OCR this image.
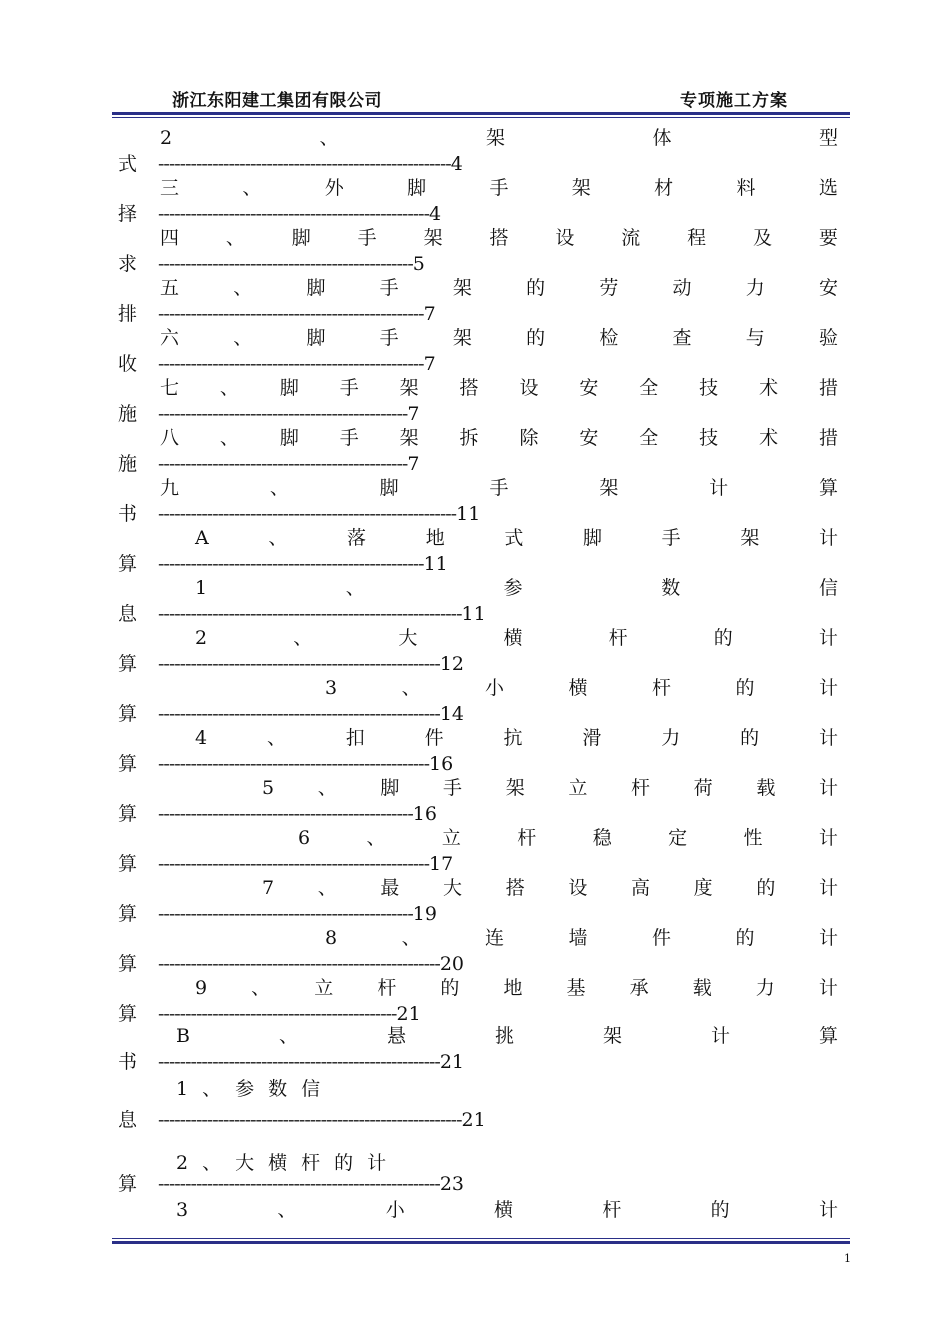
浙江东阳建工集团有限公司	专项施工方案
2	、	架	体	型
式	------------------------------------------------------ 4
三	、	外	脚	手	架	材	料	选
择	-------------------------------------------------- 4
四 、 脚 手 架 搭 设 流 程 及 要
求	----------------------------------------------- 5
五	、	脚	手	架	的	劳	动	力	安
排	------------------------------------------------- 7
六	、	脚	手	架	的	检	查	与	验
收	------------------------------------------------- 7
七 、 脚 手 架 搭 设 安 全 技 术 措
施	---------------------------------------------- 7
八 、 脚 手 架 拆 除 安 全 技 术 措
施	---------------------------------------------- 7
九	、	脚	手	架	计	算
书	------------------------------------------------------- 11
A	、	落	地	式	脚	手	架	计
算	------------------------------------------------- 11
1	、	参	数	信
息	-------------------------------------------------------- 11
2	、	大	横	杆	的	计
算	---------------------------------------------------- 12
3	、	小	横	杆	的	计
算	---------------------------------------------------- 14
4	、	扣	件	抗	滑	力	的	计
算	-------------------------------------------------- 16
5 、 脚 手 架 立 杆 荷 载 计
算	----------------------------------------------- 16
6	、	立	杆	稳	定	性	计
算	-------------------------------------------------- 17
7 、 最 大 搭 设 高 度 的 计
算	----------------------------------------------- 19
8	、	连	墙	件	的	计
算	---------------------------------------------------- 20
9 、 立 杆 的 地 基 承 载 力 计
算	-------------------------------------------- 21
B	、	悬	挑	架	计	算
书	---------------------------------------------------- 21
1、参数信
息	-------------------------------------------------------- 21
2、大横杆的计
算	---------------------------------------------------- 23
3	、	小	横	杆	的	计
1
